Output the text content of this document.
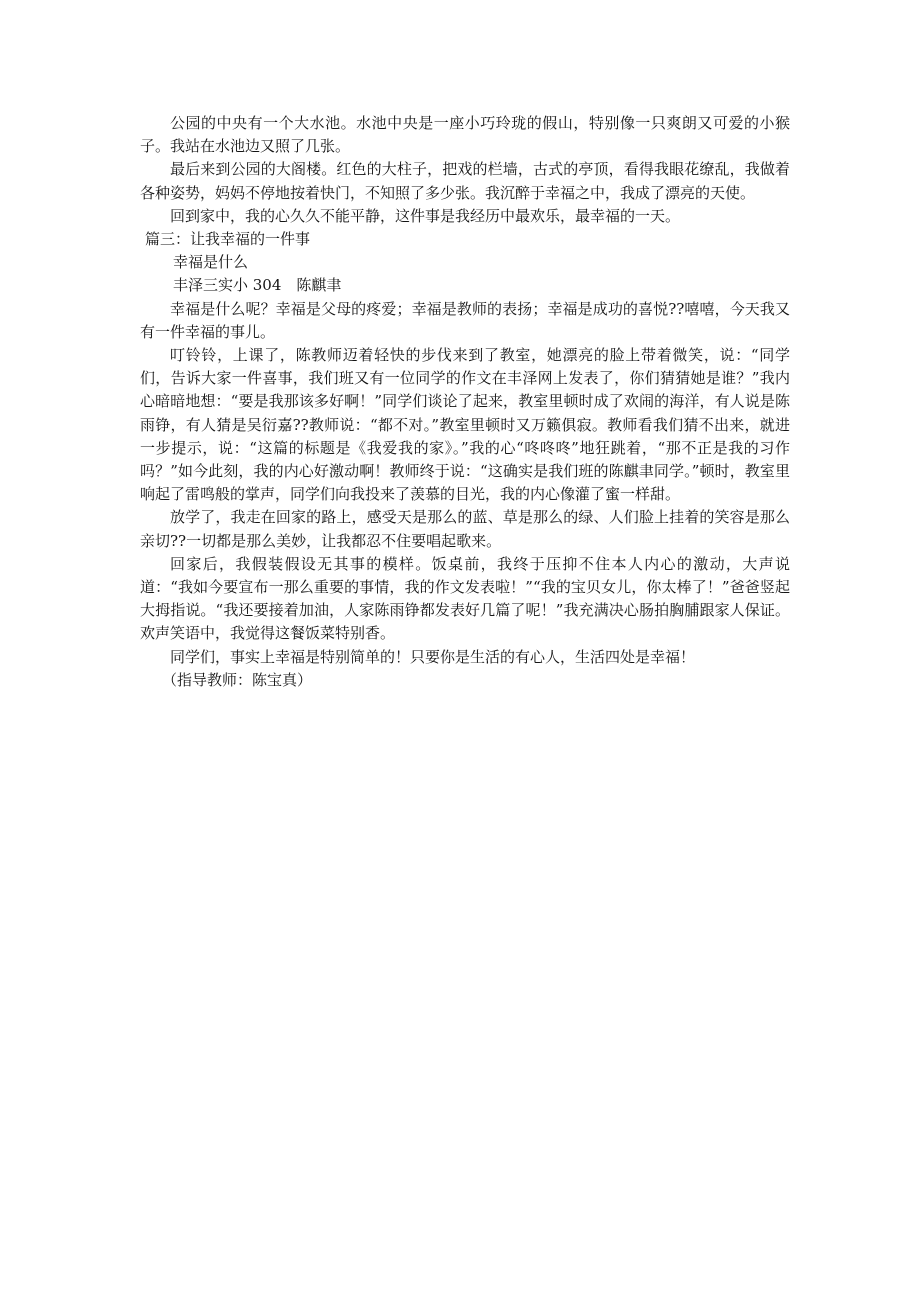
公园的中央有一个大水池。水池中央是一座小巧玲珑的假山，特别像一只爽朗又可爱的小猴子。我站在水池边又照了几张。

最后来到公园的大阁楼。红色的大柱子，把戏的栏墙，古式的亭顶，看得我眼花缭乱，我做着各种姿势，妈妈不停地按着快门，不知照了多少张。我沉醉于幸福之中，我成了漂亮的天使。

回到家中，我的心久久不能平静，这件事是我经历中最欢乐，最幸福的一天。

篇三：让我幸福的一件事

幸福是什么

丰泽三实小 304　陈麒聿

幸福是什么呢？幸福是父母的疼爱；幸福是教师的表扬；幸福是成功的喜悦??嘻嘻，今天我又有一件幸福的事儿。

叮铃铃，上课了，陈教师迈着轻快的步伐来到了教室，她漂亮的脸上带着微笑，说：“同学们，告诉大家一件喜事，我们班又有一位同学的作文在丰泽网上发表了，你们猜猜她是谁？”我内心暗暗地想：“要是我那该多好啊！”同学们谈论了起来，教室里顿时成了欢闹的海洋，有人说是陈雨铮，有人猜是吴衍嘉??教师说：“都不对。”教室里顿时又万籁俱寂。教师看我们猜不出来，就进一步提示，说：“这篇的标题是《我爱我的家》。”我的心“咚咚咚”地狂跳着，“那不正是我的习作吗？”如今此刻，我的内心好激动啊！教师终于说：“这确实是我们班的陈麒聿同学。”顿时，教室里响起了雷鸣般的掌声，同学们向我投来了羡慕的目光，我的内心像灌了蜜一样甜。

放学了，我走在回家的路上，感受天是那么的蓝、草是那么的绿、人们脸上挂着的笑容是那么亲切??一切都是那么美妙，让我都忍不住要唱起歌来。

回家后，我假装假设无其事的模样。饭桌前，我终于压抑不住本人内心的激动，大声说道：“我如今要宣布一那么重要的事情，我的作文发表啦！”“我的宝贝女儿，你太棒了！”爸爸竖起大拇指说。“我还要接着加油，人家陈雨铮都发表好几篇了呢！”我充满决心肠拍胸脯跟家人保证。欢声笑语中，我觉得这餐饭菜特别香。

同学们，事实上幸福是特别简单的！只要你是生活的有心人，生活四处是幸福！

（指导教师：陈宝真）
